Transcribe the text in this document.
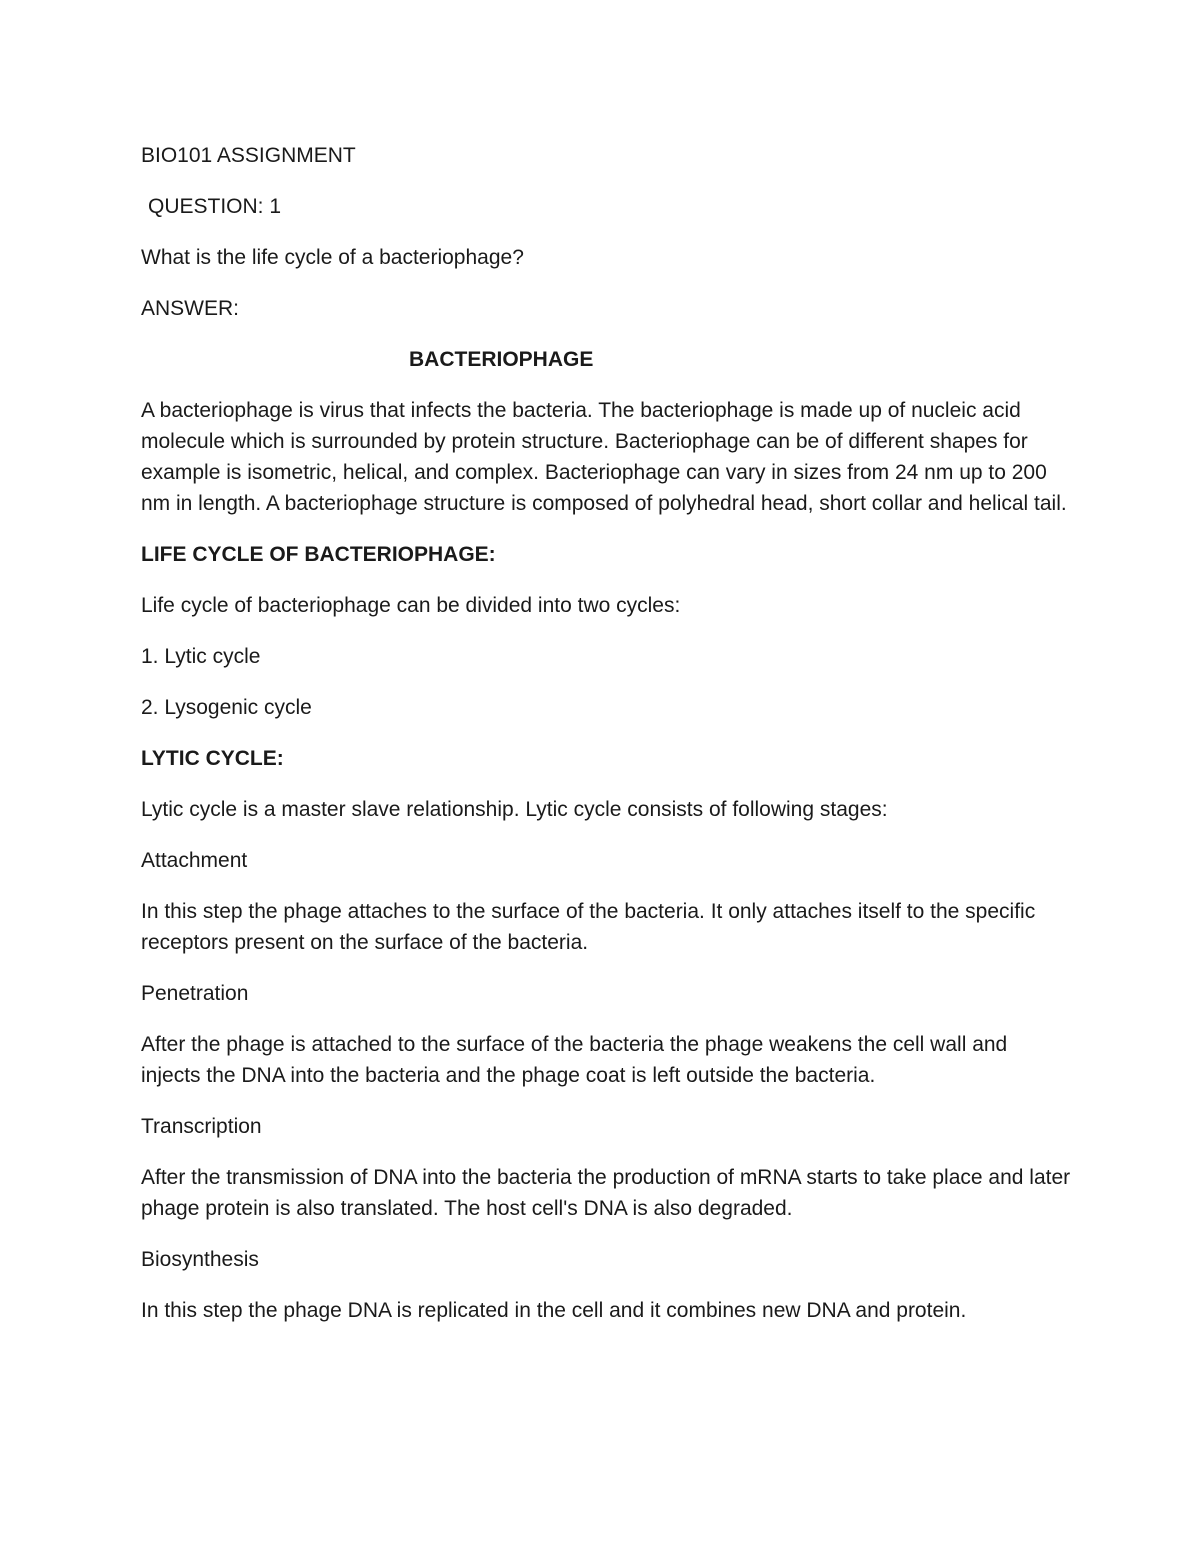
BIO101 ASSIGNMENT
QUESTION: 1
What is the life cycle of a bacteriophage?
ANSWER:
BACTERIOPHAGE

A bacteriophage is virus that infects the bacteria. The bacteriophage is made up of nucleic acid molecule which is surrounded by protein structure. Bacteriophage can be of different shapes for example is isometric, helical, and complex. Bacteriophage can vary in sizes from 24 nm up to 200 nm in length. A bacteriophage structure is composed of polyhedral head, short collar and helical tail.

LIFE CYCLE OF BACTERIOPHAGE:
Life cycle of bacteriophage can be divided into two cycles:
1. Lytic cycle
2. Lysogenic cycle
LYTIC CYCLE:
Lytic cycle is a master slave relationship. Lytic cycle consists of following stages:
Attachment

In this step the phage attaches to the surface of the bacteria. It only attaches itself to the specific receptors present on the surface of the bacteria.

Penetration

After the phage is attached to the surface of the bacteria the phage weakens the cell wall and injects the DNA into the bacteria and the phage coat is left outside the bacteria.

Transcription

After the transmission of DNA into the bacteria the production of mRNA starts to take place and later phage protein is also translated. The host cell's DNA is also degraded.

Biosynthesis

In this step the phage DNA is replicated in the cell and it combines new DNA and protein.
